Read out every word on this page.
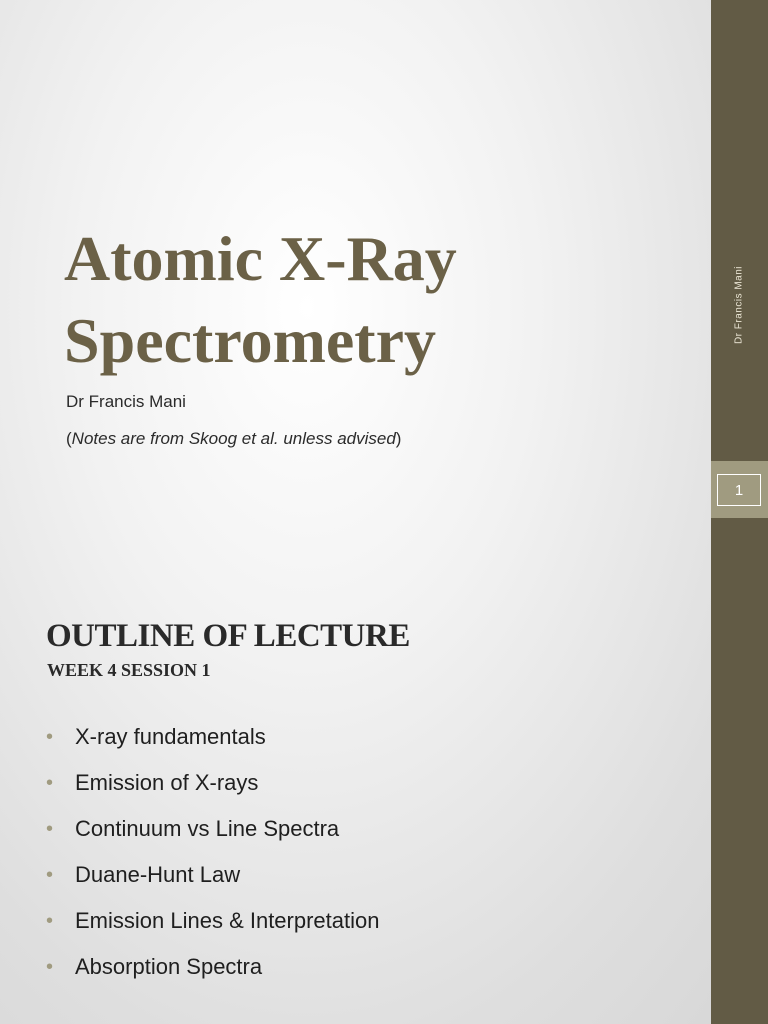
Dr Francis Mani
1
Atomic X-Ray
Spectrometry
Dr Francis Mani
(Notes are from Skoog et al. unless advised)
OUTLINE OF LECTURE
WEEK 4 SESSION 1
• X-ray fundamentals
• Emission of X-rays
• Continuum vs Line Spectra
• Duane-Hunt Law
• Emission Lines & Interpretation
• Absorption Spectra
